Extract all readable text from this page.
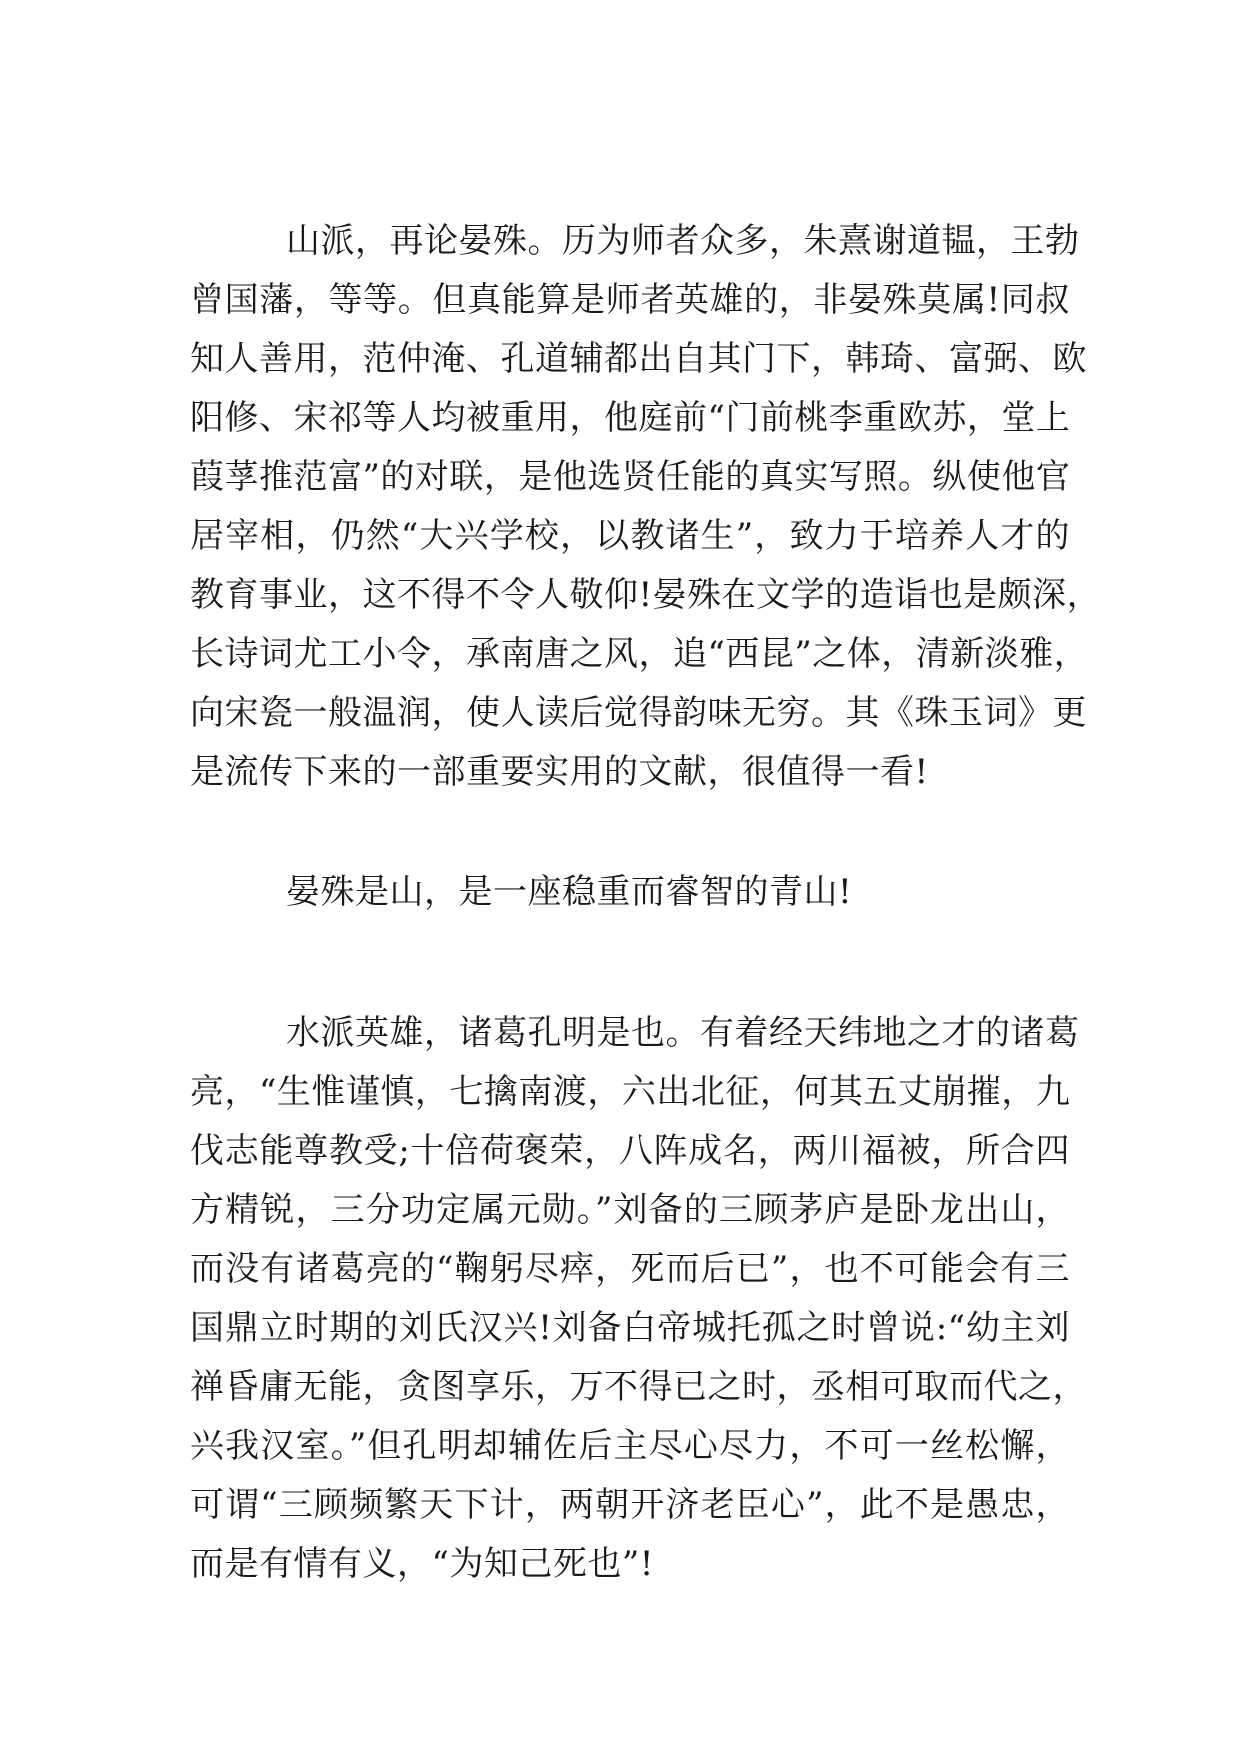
山派，再论晏殊。历为师者众多，朱熹谢道韫，王勃
曾国藩，等等。但真能算是师者英雄的，非晏殊莫属!同叔
知人善用，范仲淹、孔道辅都出自其门下，韩琦、富弼、欧
阳修、宋祁等人均被重用，他庭前“门前桃李重欧苏，堂上
葭莩推范富”的对联，是他选贤任能的真实写照。纵使他官
居宰相，仍然“大兴学校，以教诸生”，致力于培养人才的
教育事业，这不得不令人敬仰!晏殊在文学的造诣也是颇深，
长诗词尤工小令，承南唐之风，追“西昆”之体，清新淡雅，
向宋瓷一般温润，使人读后觉得韵味无穷。其《珠玉词》更
是流传下来的一部重要实用的文献，很值得一看!
晏殊是山，是一座稳重而睿智的青山!
水派英雄，诸葛孔明是也。有着经天纬地之才的诸葛
亮，“生惟谨慎，七擒南渡，六出北征，何其五丈崩摧，九
伐志能尊教受;十倍荷褒荣，八阵成名，两川福被，所合四
方精锐，三分功定属元勋。”刘备的三顾茅庐是卧龙出山，
而没有诸葛亮的“鞠躬尽瘁，死而后已”，也不可能会有三
国鼎立时期的刘氏汉兴!刘备白帝城托孤之时曾说:“幼主刘
禅昏庸无能，贪图享乐，万不得已之时，丞相可取而代之，
兴我汉室。”但孔明却辅佐后主尽心尽力，不可一丝松懈，
可谓“三顾频繁天下计，两朝开济老臣心”，此不是愚忠，
而是有情有义，“为知己死也”!
